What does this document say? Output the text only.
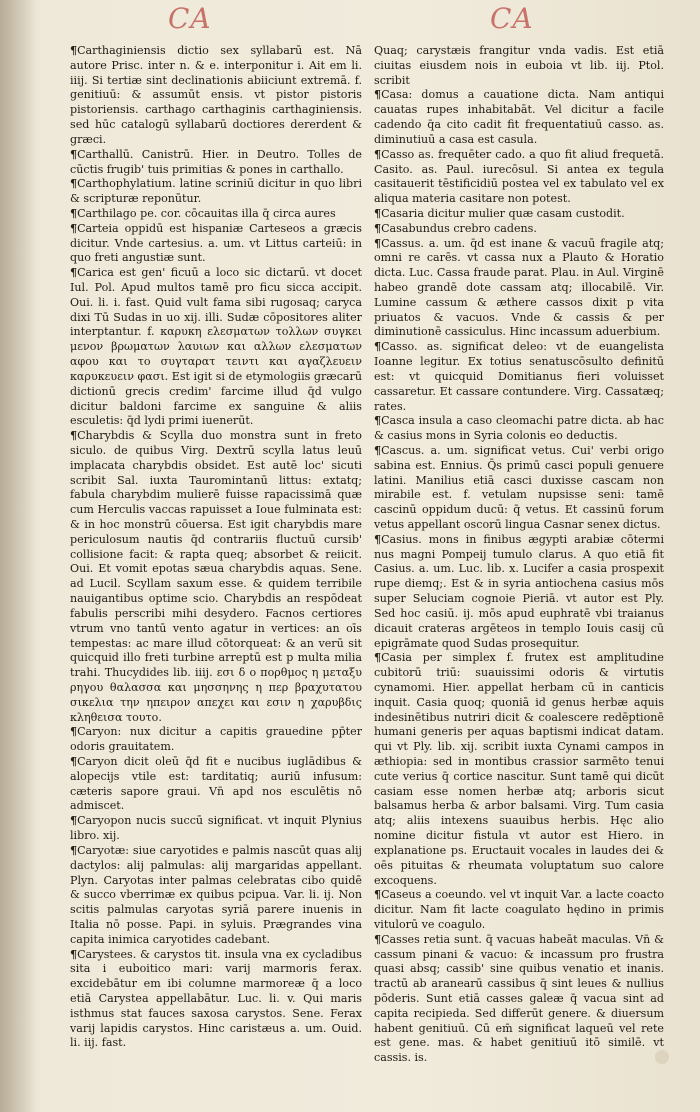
CA	CA

¶Carthaginiensis dictio sex syllabarū est. Nā autore Prisc. inter n. & e. interponitur i. Ait em li. iiij. Si tertiæ sint declinationis abiiciunt extremā. f. genitiuū: & assumūt ensis. vt pistor pistoris pistoriensis. carthago carthaginis carthaginiensis. sed hūc catalogū syllabarū doctiores dererdent & græci.

¶Carthallū. Canistrū. Hier. in Deutro. Tolles de cūctis frugib' tuis primitias & pones in carthallo.

¶Carthophylatium. latine scriniū dicitur in quo libri & scripturæ reponūtur.

¶Carthilago pe. cor. cōcauitas illa q̄ circa aures

¶Carteia oppidū est hispaniæ Carteseos a græcis dicitur. Vnde cartesius. a. um. vt Littus carteiū: in quo freti angustiæ sunt.

¶Carica est gen' ficuū a loco sic dictarū. vt docet Iul. Pol. Apud multos tamē pro ficu sicca accipit. Oui. li. i. fast. Quid vult fama sibi rugosaq; caryca dixi Tū Sudas in uo xij. illi. Sudæ cōpositores aliter interptantur. f. καρυκη ελεσματων τολλων συγκει μενον βρωματων λαυιων και αλλων ελεσματων αφου και το συγταρατ τειντι και αγαζλευειν καρυκευειν φασι. Est igit si de etymologiis græcarū dictionū grecis credim' farcime illud q̄d vulgo dicitur baldoni farcime ex sanguine & aliis esculetis: q̄d lydi primi iuenerūt.

¶Charybdis & Scylla duo monstra sunt in freto siculo. de quibus Virg. Dextrū scylla latus leuū implacata charybdis obsidet. Est autē loc' sicuti scribit Sal. iuxta Tauromintanū littus: extatq; fabula charybdim mulierē fuisse rapacissimā quæ cum Herculis vaccas rapuisset a Ioue fulminata est: & in hoc monstrū cōuersa. Est igit charybdis mare periculosum nautis q̄d contrariis fluctuū cursib' collisione facit: & rapta queq; absorbet & reiicit. Oui. Et vomit epotas sæua charybdis aquas. Sene. ad Lucil. Scyllam saxum esse. & quidem terribile nauigantibus optime scio. Charybdis an respōdeat fabulis perscribi mihi desydero. Facnos certiores vtrum vno tantū vento agatur in vertices: an oīs tempestas: ac mare illud cōtorqueat: & an verū sit quicquid illo freti turbine arreptū est p multa milia trahi. Thucydides lib. iiij. εσι δ ο πορθμος η μεταξυ ρηγου θαλασσα και μησσηνης η περ βραχυτατου σικελια την ηπειρον απεχει και εσιν η χαρυβδις κληθεισα τουτο.

¶Caryon: nux dicitur a capitis grauedine pp̄ter odoris grauitatem.

¶Caryon dicit oleū q̄d fit e nucibus iuglādibus & alopecijs vtile est: tarditatiq; auriū infusum: cæteris sapore graui. Vn̄ apd nos esculētis nō admiscet.

¶Caryopon nucis succū significat. vt inquit Plynius libro. xij.

¶Caryotæ: siue caryotides e palmis nascūt quas alij dactylos: alij palmulas: alij margaridas appellant. Plyn. Caryotas inter palmas celebratas cibo quidē & succo vberrimæ ex quibus pcipua. Var. li. ij. Non scitis palmulas caryotas syriā parere inuenis in Italia nō posse. Papi. in syluis. Prægrandes vina capita inimica caryotides cadebant.

¶Carystees. & carystos tit. insula vna ex cycladibus sita i euboitico mari: varij marmoris ferax. excidebātur em ibi columne marmoreæ q̄ a loco etiā Carystea appellabātur. Luc. li. v. Qui maris isthmus stat fauces saxosa carystos. Sene. Ferax varij lapidis carystos. Hinc caristæus a. um. Ouid. li. iij. fast.

Quaq; carystæis frangitur vnda vadis. Est etiā ciuitas eiusdem nois in euboia vt lib. iij. Ptol. scribit

¶Casa: domus a cauatione dicta. Nam antiqui cauatas rupes inhabitabāt. Vel dicitur a facile cadendo q̄a cito cadit fit frequentatiuū casso. as. diminutiuū a casa est casula.

¶Casso as. frequēter cado. a quo fit aliud frequetā. Casito. as. Paul. iurecōsul. Si antea ex tegula casitauerit tēstificidiū postea vel ex tabulato vel ex aliqua materia casitare non potest.

¶Casaria dicitur mulier quæ casam custodit.

¶Casabundus crebro cadens.

¶Cassus. a. um. q̄d est inane & vacuū fragile atq; omni re carēs. vt cassa nux a Plauto & Horatio dicta. Luc. Cassa fraude parat. Plau. in Aul. Virginē habeo grandē dote cassam atq; illocabilē. Vir. Lumine cassum & æthere cassos dixit p vita priuatos & vacuos. Vnde & cassis & per diminutionē cassiculus. Hinc incassum aduerbium.

¶Casso. as. significat deleo: vt de euangelista Ioanne legitur. Ex totius senatuscōsulto definitū est: vt quicquid Domitianus fieri voluisset cassaretur. Et cassare contundere. Virg. Cassatæq; rates.

¶Casca insula a caso cleomachi patre dicta. ab hac & casius mons in Syria colonis eo deductis.

¶Cascus. a. um. significat vetus. Cui' verbi origo sabina est. Ennius. Q̄s primū casci populi genuere latini. Manilius etiā casci duxisse cascam non mirabile est. f. vetulam nupsisse seni: tamē cascinū oppidum ducū: q̄ vetus. Et cassinū forum vetus appellant oscorū lingua Casnar senex dictus.

¶Casius. mons in finibus ægypti arabiæ cōtermi nus magni Pompeij tumulo clarus. A quo etiā fit Casius. a. um. Luc. lib. x. Lucifer a casia prospexit rupe diemq;. Est & in syria antiochena casius mōs super Seluciam cognoie Pieriā. vt autor est Ply. Sed hoc casiū. ij. mōs apud euphratē vbi traianus dicauit crateras argēteos in templo Iouis casij cū epigrāmate quod Sudas prosequitur.

¶Casia per simplex f. frutex est amplitudine cubitorū triū: suauissimi odoris & virtutis cynamomi. Hier. appellat herbam cū in canticis inquit. Casia quoq; quoniā id genus herbæ aquis indesinētibus nutriri dicit & coalescere redēptionē humani generis per aquas baptismi indicat datam. qui vt Ply. lib. xij. scribit iuxta Cynami campos in æthiopia: sed in montibus crassior sarmēto tenui cute verius q̄ cortice nascitur. Sunt tamē qui dicūt casiam esse nomen herbæ atq; arboris sicut balsamus herba & arbor balsami. Virg. Tum casia atq; aliis intexens suauibus herbis. Hęc alio nomine dicitur fistula vt autor est Hiero. in explanatione ps. Eructauit vocales in laudes dei & oēs pituitas & rheumata voluptatum suo calore excoquens.

¶Caseus a coeundo. vel vt inquit Var. a lacte coacto dicitur. Nam fit lacte coagulato hędino in primis vitulorū ve coagulo.

¶Casses retia sunt. q̄ vacuas habeāt maculas. Vn̄ & cassum pinani & vacuo: & incassum pro frustra quasi absq; cassib' sine quibus venatio et inanis. tractū ab aranearū cassibus q̄ sint leues & nullius pōderis. Sunt etiā casses galeæ q̄ vacua sint ad capita recipieda. Sed differūt genere. & diuersum habent genitiuū. Cū em̄ significat laqueū vel rete est gene. mas. & habet genitiuū itō similē. vt cassis. is.
